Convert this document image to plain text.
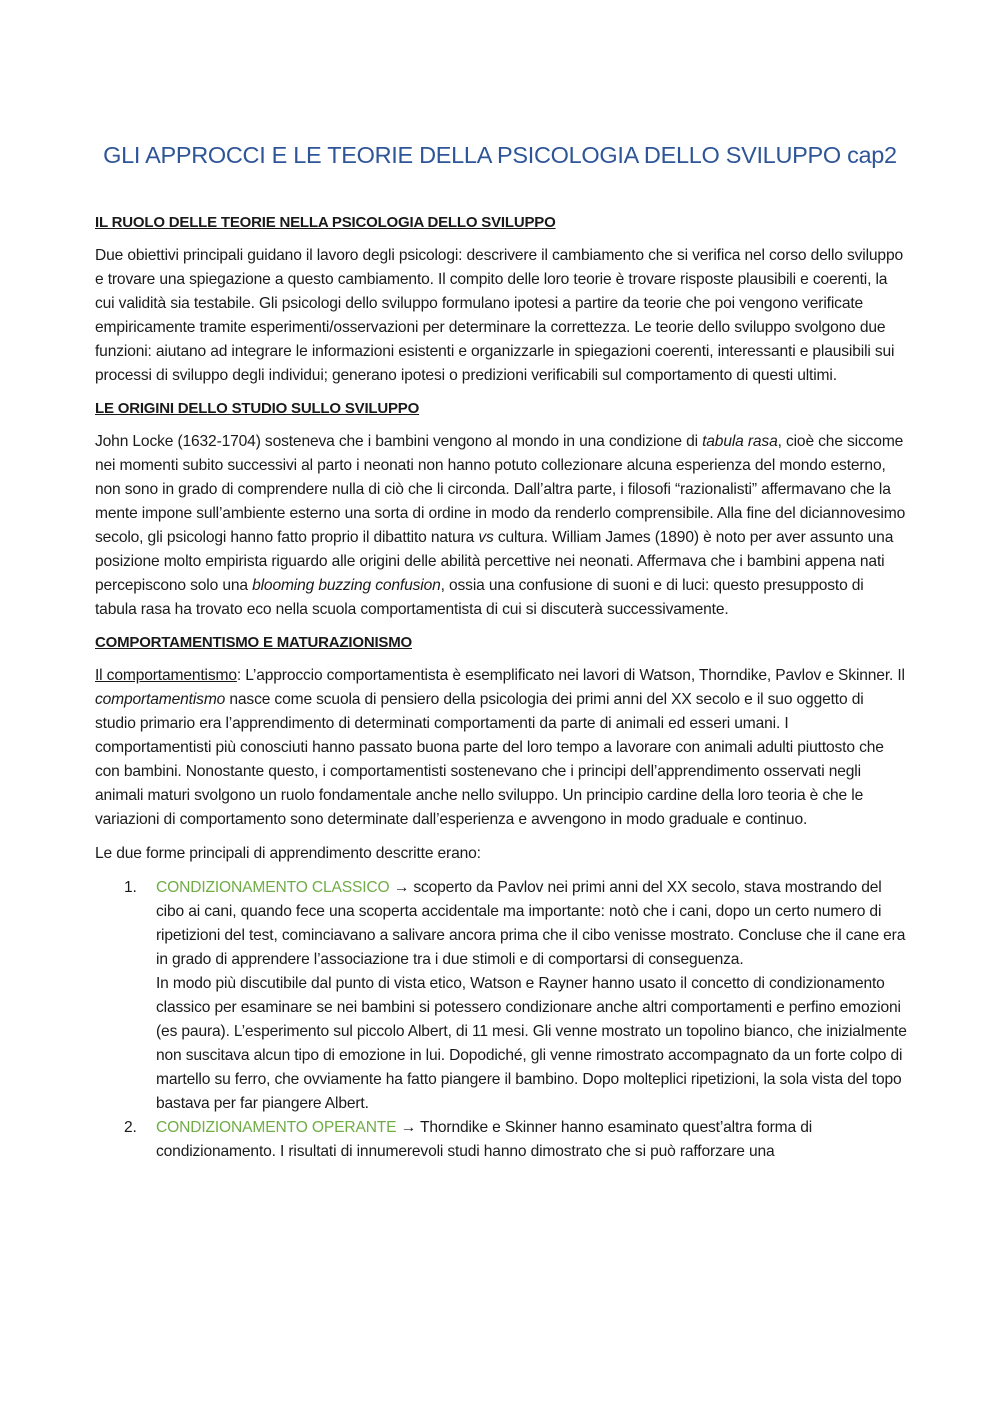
GLI APPROCCI E LE TEORIE DELLA PSICOLOGIA DELLO SVILUPPO cap2
IL RUOLO DELLE TEORIE NELLA PSICOLOGIA DELLO SVILUPPO

Due obiettivi principali guidano il lavoro degli psicologi: descrivere il cambiamento che si verifica nel corso dello sviluppo e trovare una spiegazione a questo cambiamento. Il compito delle loro teorie è trovare risposte plausibili e coerenti, la cui validità sia testabile. Gli psicologi dello sviluppo formulano ipotesi a partire da teorie che poi vengono verificate empiricamente tramite esperimenti/osservazioni per determinare la correttezza. Le teorie dello sviluppo svolgono due funzioni: aiutano ad integrare le informazioni esistenti e organizzarle in spiegazioni coerenti, interessanti e plausibili sui processi di sviluppo degli individui; generano ipotesi o predizioni verificabili sul comportamento di questi ultimi.

LE ORIGINI DELLO STUDIO SULLO SVILUPPO

John Locke (1632-1704) sosteneva che i bambini vengono al mondo in una condizione di tabula rasa, cioè che siccome nei momenti subito successivi al parto i neonati non hanno potuto collezionare alcuna esperienza del mondo esterno, non sono in grado di comprendere nulla di ciò che li circonda. Dall’altra parte, i filosofi “razionalisti” affermavano che la mente impone sull’ambiente esterno una sorta di ordine in modo da renderlo comprensibile. Alla fine del diciannovesimo secolo, gli psicologi hanno fatto proprio il dibattito natura vs cultura. William James (1890) è noto per aver assunto una posizione molto empirista riguardo alle origini delle abilità percettive nei neonati. Affermava che i bambini appena nati percepiscono solo una blooming buzzing confusion, ossia una confusione di suoni e di luci: questo presupposto di tabula rasa ha trovato eco nella scuola comportamentista di cui si discuterà successivamente.

COMPORTAMENTISMO E MATURAZIONISMO

Il comportamentismo: L’approccio comportamentista è esemplificato nei lavori di Watson, Thorndike, Pavlov e Skinner. Il comportamentismo nasce come scuola di pensiero della psicologia dei primi anni del XX secolo e il suo oggetto di studio primario era l’apprendimento di determinati comportamenti da parte di animali ed esseri umani. I comportamentisti più conosciuti hanno passato buona parte del loro tempo a lavorare con animali adulti piuttosto che con bambini. Nonostante questo, i comportamentisti sostenevano che i principi dell’apprendimento osservati negli animali maturi svolgono un ruolo fondamentale anche nello sviluppo. Un principio cardine della loro teoria è che le variazioni di comportamento sono determinate dall’esperienza e avvengono in modo graduale e continuo.

Le due forme principali di apprendimento descritte erano:

1. CONDIZIONAMENTO CLASSICO → scoperto da Pavlov nei primi anni del XX secolo, stava mostrando del cibo ai cani, quando fece una scoperta accidentale ma importante: notò che i cani, dopo un certo numero di ripetizioni del test, cominciavano a salivare ancora prima che il cibo venisse mostrato. Concluse che il cane era in grado di apprendere l’associazione tra i due stimoli e di comportarsi di conseguenza.
In modo più discutibile dal punto di vista etico, Watson e Rayner hanno usato il concetto di condizionamento classico per esaminare se nei bambini si potessero condizionare anche altri comportamenti e perfino emozioni (es paura). L’esperimento sul piccolo Albert, di 11 mesi. Gli venne mostrato un topolino bianco, che inizialmente non suscitava alcun tipo di emozione in lui. Dopodiché, gli venne rimostrato accompagnato da un forte colpo di martello su ferro, che ovviamente ha fatto piangere il bambino. Dopo molteplici ripetizioni, la sola vista del topo bastava per far piangere Albert.
2. CONDIZIONAMENTO OPERANTE → Thorndike e Skinner hanno esaminato quest’altra forma di condizionamento. I risultati di innumerevoli studi hanno dimostrato che si può rafforzare una
